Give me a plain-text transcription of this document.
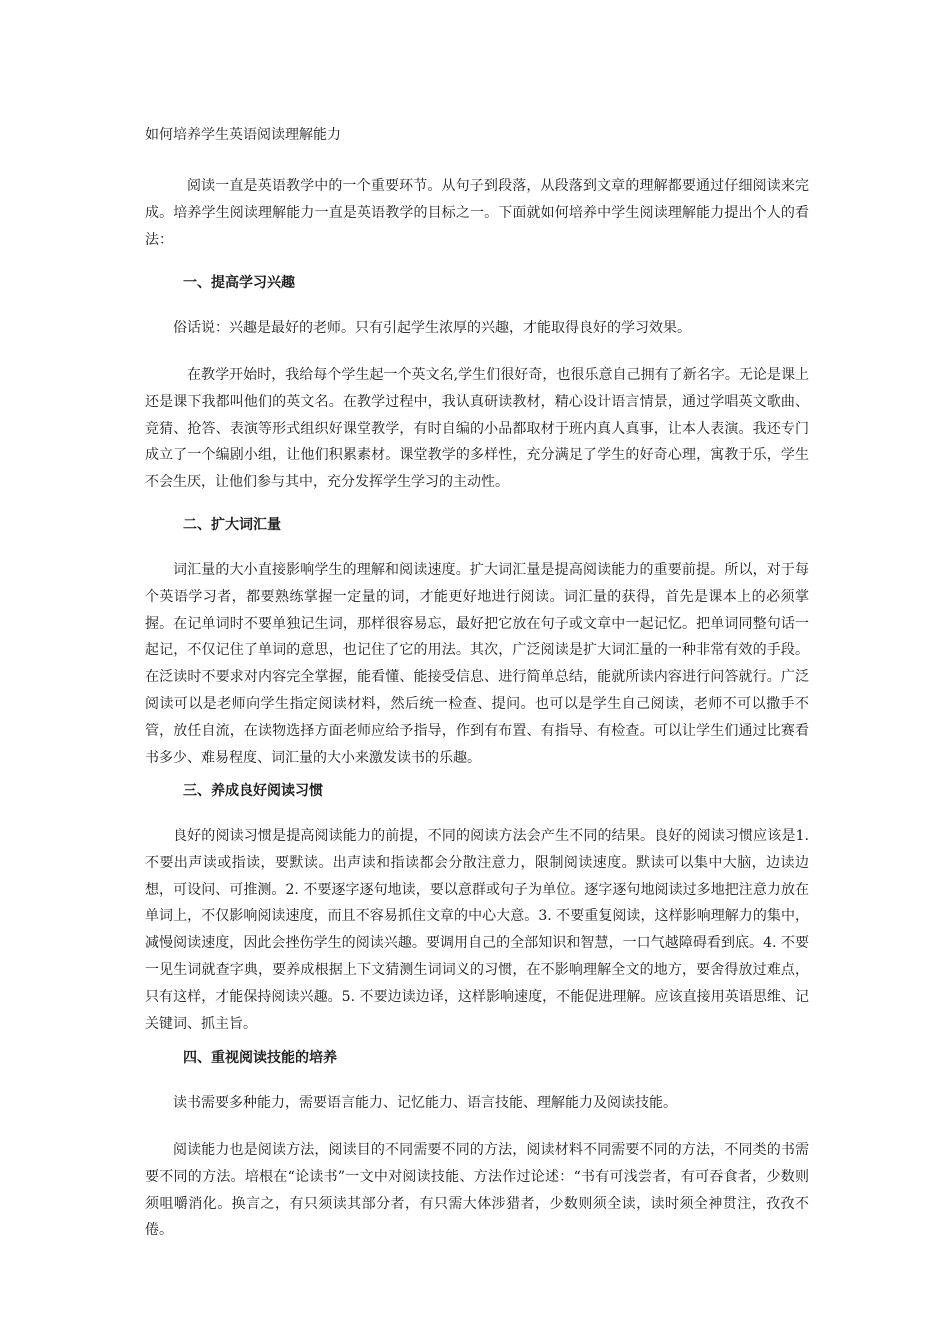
如何培养学生英语阅读理解能力

阅读一直是英语教学中的一个重要环节。从句子到段落，从段落到文章的理解都要通过仔细阅读来完成。培养学生阅读理解能力一直是英语教学的目标之一。下面就如何培养中学生阅读理解能力提出个人的看法：

一、提高学习兴趣

俗话说：兴趣是最好的老师。只有引起学生浓厚的兴趣，才能取得良好的学习效果。

在教学开始时，我给每个学生起一个英文名,学生们很好奇，也很乐意自己拥有了新名字。无论是课上还是课下我都叫他们的英文名。在教学过程中，我认真研读教材，精心设计语言情景，通过学唱英文歌曲、竞猜、抢答、表演等形式组织好课堂教学，有时自编的小品都取材于班内真人真事，让本人表演。我还专门成立了一个编剧小组，让他们积累素材。课堂教学的多样性，充分满足了学生的好奇心理，寓教于乐，学生不会生厌，让他们参与其中，充分发挥学生学习的主动性。

二、扩大词汇量

词汇量的大小直接影响学生的理解和阅读速度。扩大词汇量是提高阅读能力的重要前提。所以，对于每个英语学习者，都要熟练掌握一定量的词，才能更好地进行阅读。词汇量的获得，首先是课本上的必须掌握。在记单词时不要单独记生词，那样很容易忘，最好把它放在句子或文章中一起记忆。把单词同整句话一起记，不仅记住了单词的意思，也记住了它的用法。其次，广泛阅读是扩大词汇量的一种非常有效的手段。在泛读时不要求对内容完全掌握，能看懂、能接受信息、进行简单总结，能就所读内容进行问答就行。广泛阅读可以是老师向学生指定阅读材料，然后统一检查、提问。也可以是学生自己阅读，老师不可以撒手不管，放任自流，在读物选择方面老师应给予指导，作到有布置、有指导、有检查。可以让学生们通过比赛看书多少、难易程度、词汇量的大小来激发读书的乐趣。

三、养成良好阅读习惯

良好的阅读习惯是提高阅读能力的前提，不同的阅读方法会产生不同的结果。良好的阅读习惯应该是1. 不要出声读或指读，要默读。出声读和指读都会分散注意力，限制阅读速度。默读可以集中大脑，边读边想，可设问、可推测。2. 不要逐字逐句地读，要以意群或句子为单位。逐字逐句地阅读过多地把注意力放在单词上，不仅影响阅读速度，而且不容易抓住文章的中心大意。3. 不要重复阅读，这样影响理解力的集中，减慢阅读速度，因此会挫伤学生的阅读兴趣。要调用自己的全部知识和智慧，一口气越障碍看到底。4. 不要一见生词就查字典，要养成根据上下文猜测生词词义的习惯，在不影响理解全文的地方，要舍得放过难点，只有这样，才能保持阅读兴趣。5. 不要边读边译，这样影响速度，不能促进理解。应该直接用英语思维、记关键词、抓主旨。

四、重视阅读技能的培养

读书需要多种能力，需要语言能力、记忆能力、语言技能、理解能力及阅读技能。

阅读能力也是阅读方法，阅读目的不同需要不同的方法，阅读材料不同需要不同的方法，不同类的书需要不同的方法。培根在“论读书”一文中对阅读技能、方法作过论述：“书有可浅尝者，有可吞食者，少数则须咀嚼消化。换言之，有只须读其部分者，有只需大体涉猎者，少数则须全读，读时须全神贯注，孜孜不倦。
